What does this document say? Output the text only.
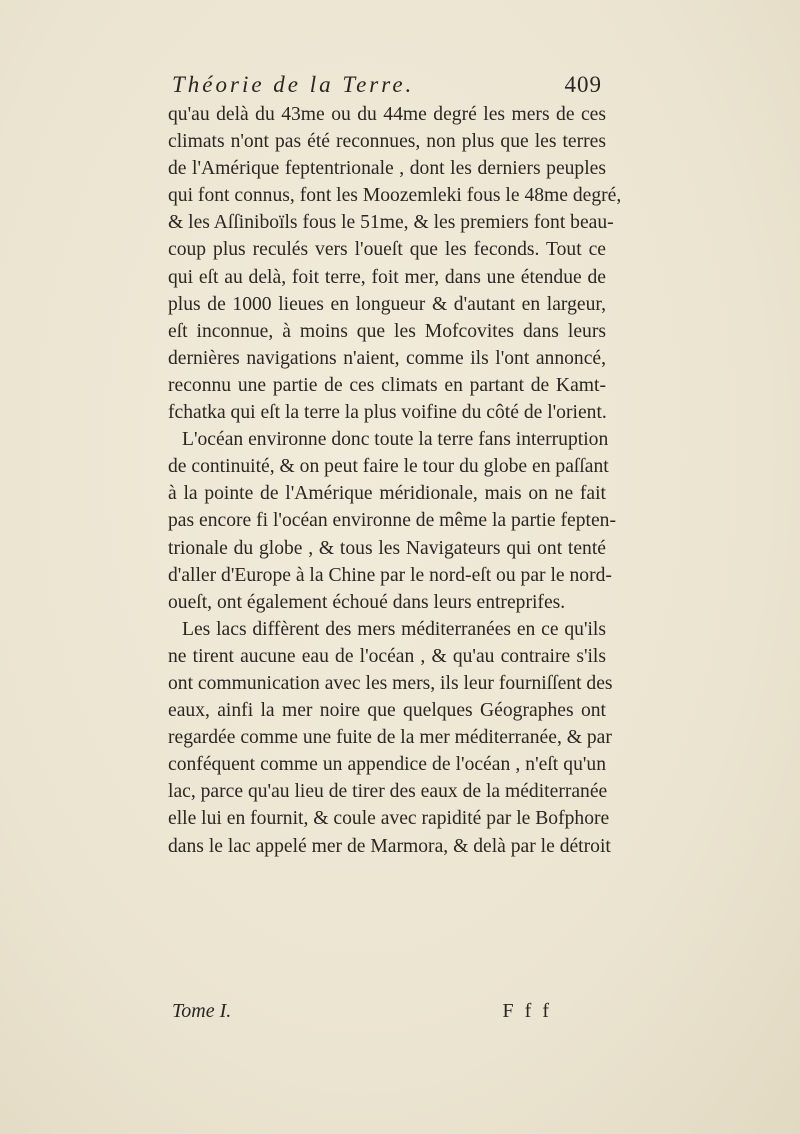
Théorie de la Terre.	409
qu'au delà du 43me ou du 44me degré les mers de ces
climats n'ont pas été reconnues, non plus que les terres
de l'Amérique feptentrionale , dont les derniers peuples
qui font connus, font les Moozemleki fous le 48me degré,
& les Aſſiniboïls fous le 51me, & les premiers font beau-
coup plus reculés vers l'oueſt que les feconds. Tout ce
qui eſt au delà, foit terre, foit mer, dans une étendue de
plus de 1000 lieues en longueur & d'autant en largeur,
eſt inconnue, à moins que les Mofcovites dans leurs
dernières navigations n'aient, comme ils l'ont annoncé,
reconnu une partie de ces climats en partant de Kamt-
fchatka qui eſt la terre la plus voifine du côté de l'orient.
L'océan environne donc toute la terre fans interruption
de continuité, & on peut faire le tour du globe en paſſant
à la pointe de l'Amérique méridionale, mais on ne fait
pas encore fi l'océan environne de même la partie fepten-
trionale du globe , & tous les Navigateurs qui ont tenté
d'aller d'Europe à la Chine par le nord-eſt ou par le nord-
oueſt, ont également échoué dans leurs entreprifes.
Les lacs diffèrent des mers méditerranées en ce qu'ils
ne tirent aucune eau de l'océan , & qu'au contraire s'ils
ont communication avec les mers, ils leur fourniſſent des
eaux, ainfi la mer noire que quelques Géographes ont
regardée comme une fuite de la mer méditerranée, & par
conféquent comme un appendice de l'océan , n'eſt qu'un
lac, parce qu'au lieu de tirer des eaux de la méditerranée
elle lui en fournit, & coule avec rapidité par le Bofphore
dans le lac appelé mer de Marmora, & delà par le détroit
Tome I.	F f f
